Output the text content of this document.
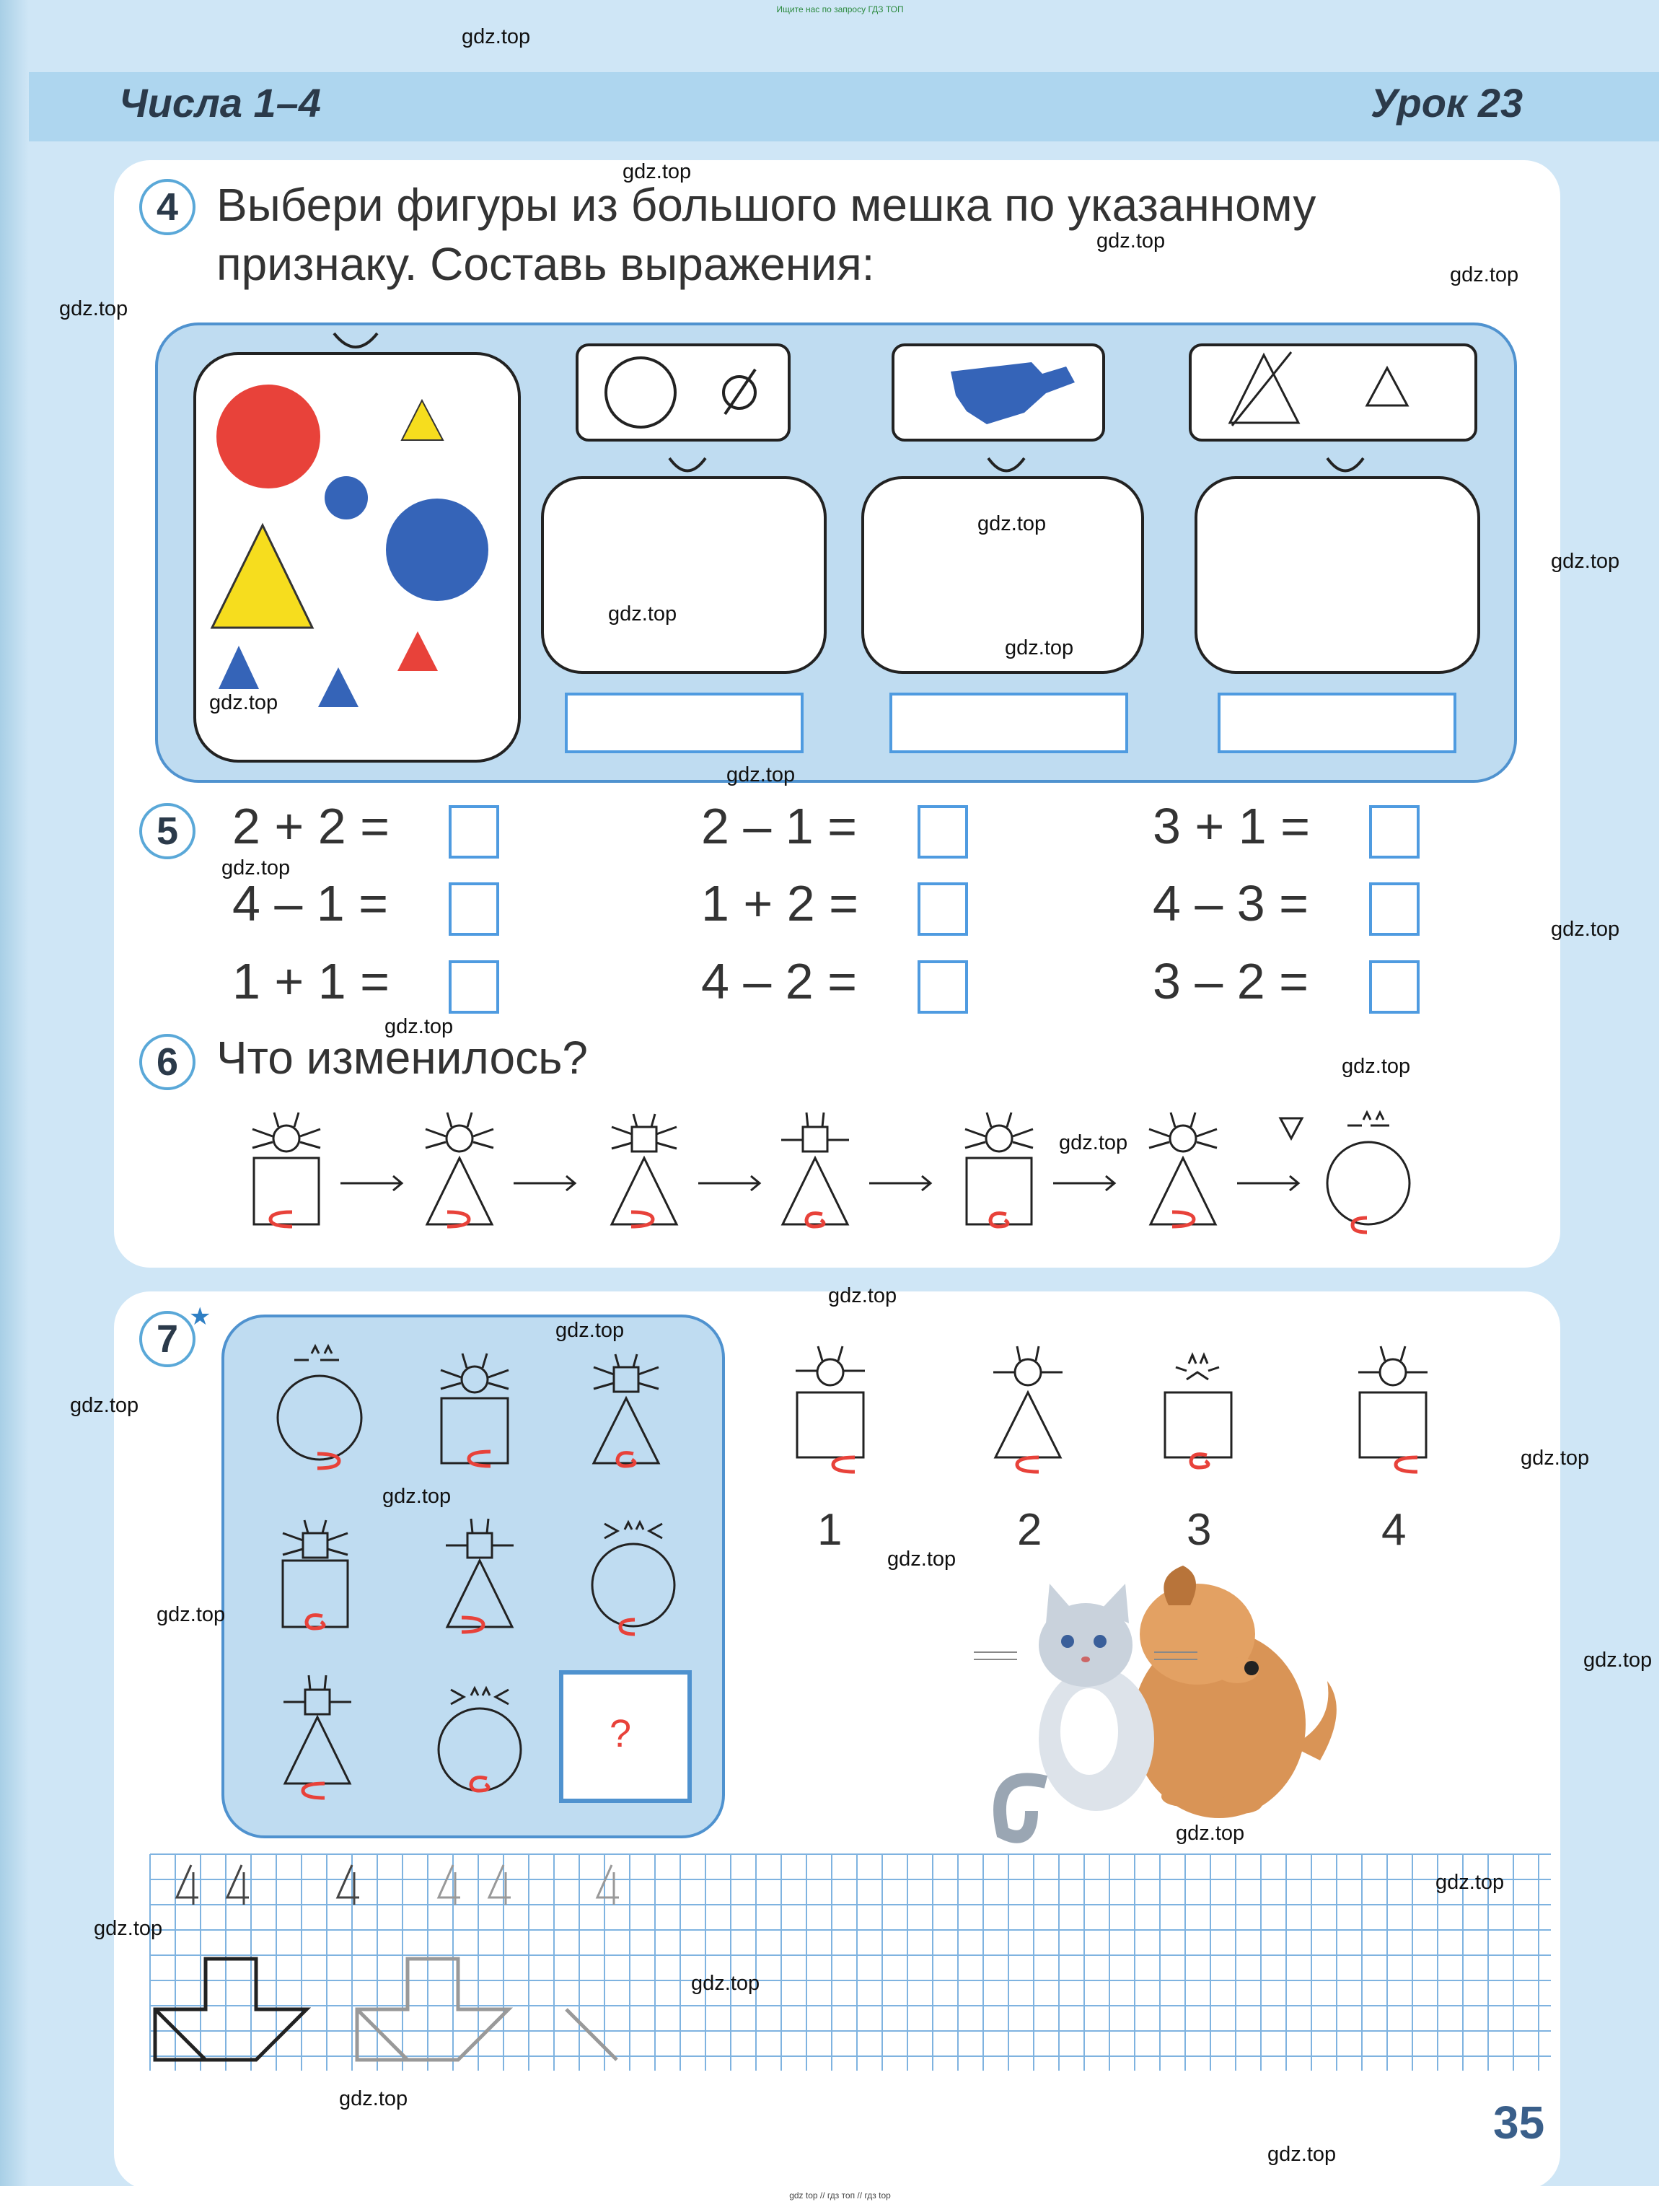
Ищите нас по запросу ГДЗ ТОП
Числа 1–4	Урок 23
4 Выбери фигуры из большого мешка по указанному
признаку. Составь выражения:
5	2 + 2 =	2 – 1 =	3 + 1 =
4 – 1 =	1 + 2 =	4 – 3 =
1 + 1 =	4 – 2 =	3 – 2 =
6 Что изменилось?
7
★
?
1	2	3	4
gdz.top
gdz.top
gdz.top
gdz.top
gdz.top
gdz.top
gdz.top
gdz.top
gdz.top
gdz.top
gdz.top
gdz.top
gdz.top
gdz.top
gdz.top
gdz.top
gdz.top
gdz.top
gdz.top
gdz.top
gdz.top
gdz.top
gdz.top
gdz.top
gdz.top
gdz.top
gdz.top
gdz.top
gdz.top
gdz.top
35
gdz top // гдз топ // гдз top
